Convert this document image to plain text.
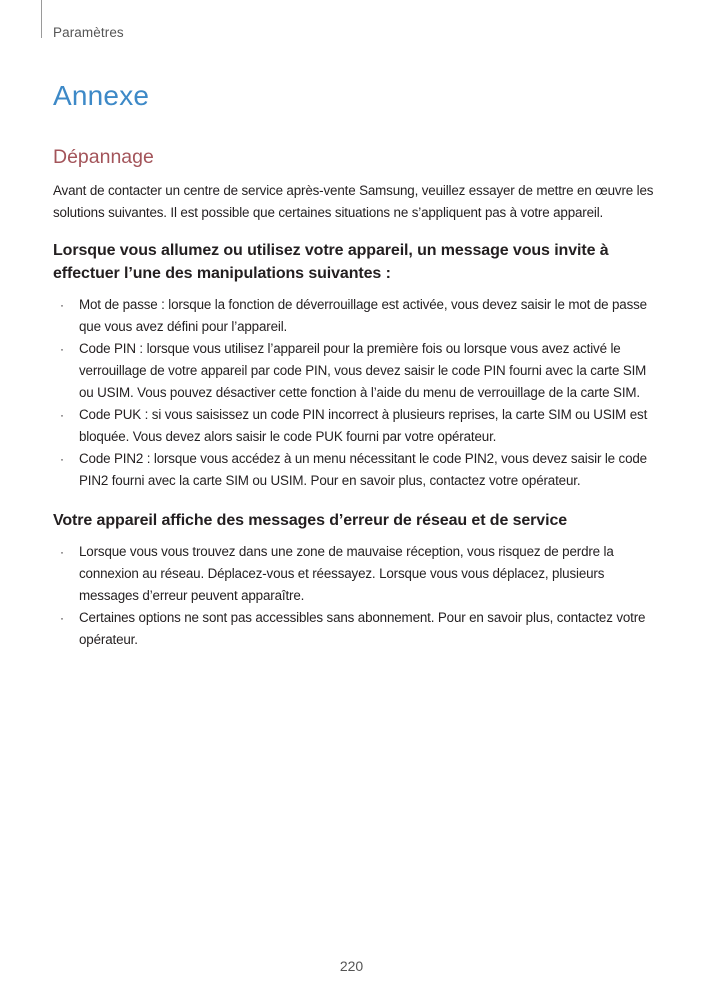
Paramètres
Annexe
Dépannage

Avant de contacter un centre de service après-vente Samsung, veuillez essayer de mettre en œuvre les solutions suivantes. Il est possible que certaines situations ne s’appliquent pas à votre appareil.

Lorsque vous allumez ou utilisez votre appareil, un message vous invite à effectuer l’une des manipulations suivantes :
· Mot de passe : lorsque la fonction de déverrouillage est activée, vous devez saisir le mot de passe que vous avez défini pour l’appareil.
· Code PIN : lorsque vous utilisez l’appareil pour la première fois ou lorsque vous avez activé le verrouillage de votre appareil par code PIN, vous devez saisir le code PIN fourni avec la carte SIM ou USIM. Vous pouvez désactiver cette fonction à l’aide du menu de verrouillage de la carte SIM.
· Code PUK : si vous saisissez un code PIN incorrect à plusieurs reprises, la carte SIM ou USIM est bloquée. Vous devez alors saisir le code PUK fourni par votre opérateur.
· Code PIN2 : lorsque vous accédez à un menu nécessitant le code PIN2, vous devez saisir le code PIN2 fourni avec la carte SIM ou USIM. Pour en savoir plus, contactez votre opérateur.
Votre appareil affiche des messages d’erreur de réseau et de service
· Lorsque vous vous trouvez dans une zone de mauvaise réception, vous risquez de perdre la connexion au réseau. Déplacez-vous et réessayez. Lorsque vous vous déplacez, plusieurs messages d’erreur peuvent apparaître.
· Certaines options ne sont pas accessibles sans abonnement. Pour en savoir plus, contactez votre opérateur.
220
